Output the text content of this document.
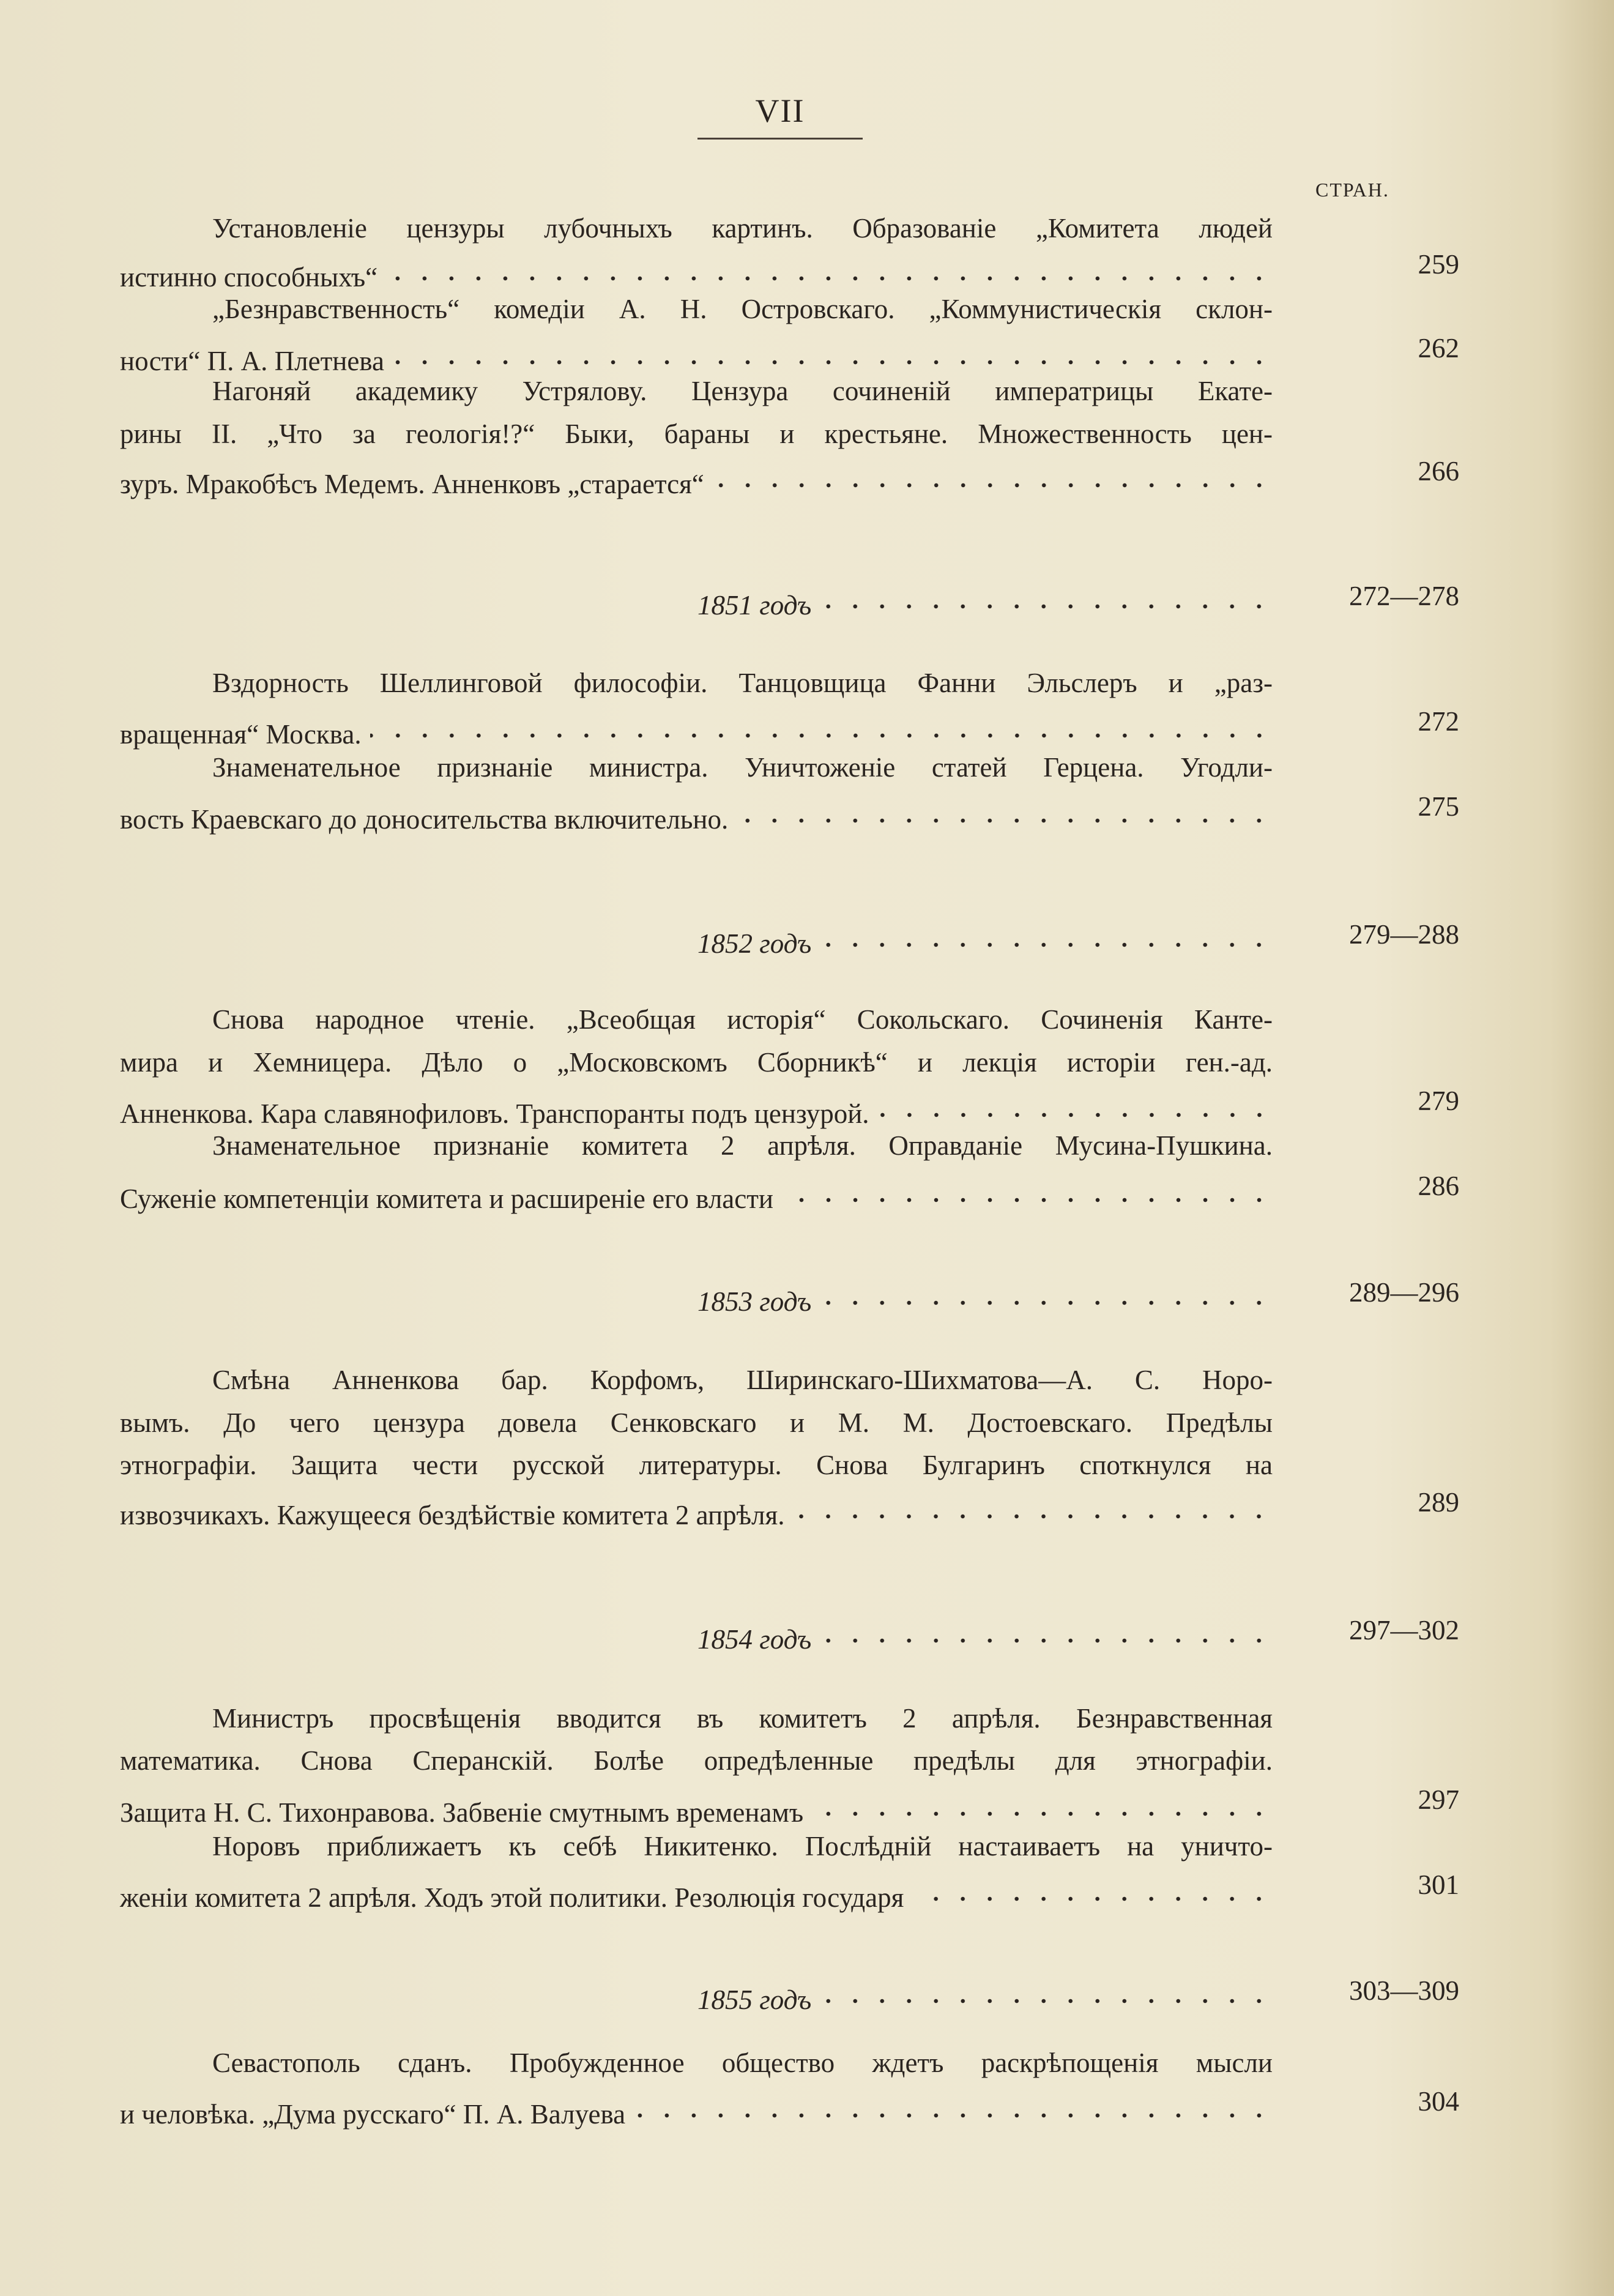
VII
СТРАН.
Установленіе цензуры лубочныхъ картинъ. Образованіе „Комитета людей
истинно способныхъ“	259
„Безнравственность“ комедіи А. Н. Островскаго. „Коммунистическія склон-
ности“ П. А. Плетнева	262
Нагоняй академику Устрялову. Цензура сочиненій императрицы Екате-
рины II. „Что за геологія!?“ Быки, бараны и крестьяне. Множественность цен-
зуръ. Мракобѣсъ Медемъ. Анненковъ „старается“	266
1851 годъ	272—278
Вздорность Шеллинговой философіи. Танцовщица Фанни Эльслеръ и „раз-
вращенная“ Москва.	272
Знаменательное признаніе министра. Уничтоженіе статей Герцена. Угодли-
вость Краевскаго до доносительства включительно.	275
1852 годъ	279—288
Снова народное чтеніе. „Всеобщая исторія“ Сокольскаго. Сочиненія Канте-
мира и Хемницера. Дѣло о „Московскомъ Сборникѣ“ и лекція исторіи ген.-ад.
Анненкова. Кара славянофиловъ. Транспоранты подъ цензурой.	279
Знаменательное признаніе комитета 2 апрѣля. Оправданіе Мусина-Пушкина.
Суженіе компетенціи комитета и расширеніе его власти	286
1853 годъ	289—296
Смѣна Анненкова бар. Корфомъ, Ширинскаго-Шихматова—А. С. Норо-
вымъ. До чего цензура довела Сенковскаго и М. М. Достоевскаго. Предѣлы
этнографіи. Защита чести русской литературы. Снова Булгаринъ споткнулся на
извозчикахъ. Кажущееся бездѣйствіе комитета 2 апрѣля.	289
1854 годъ	297—302
Министръ просвѣщенія вводится въ комитетъ 2 апрѣля. Безнравственная
математика. Снова Сперанскій. Болѣе опредѣленные предѣлы для этнографіи.
Защита Н. С. Тихонравова. Забвеніе смутнымъ временамъ	297
Норовъ приближаетъ къ себѣ Никитенко. Послѣдній настаиваетъ на уничто-
женіи комитета 2 апрѣля. Ходъ этой политики. Резолюція государя	301
1855 годъ	303—309
Севастополь сданъ. Пробужденное общество ждетъ раскрѣпощенія мысли
и человѣка. „Дума русскаго“ П. А. Валуева	304
